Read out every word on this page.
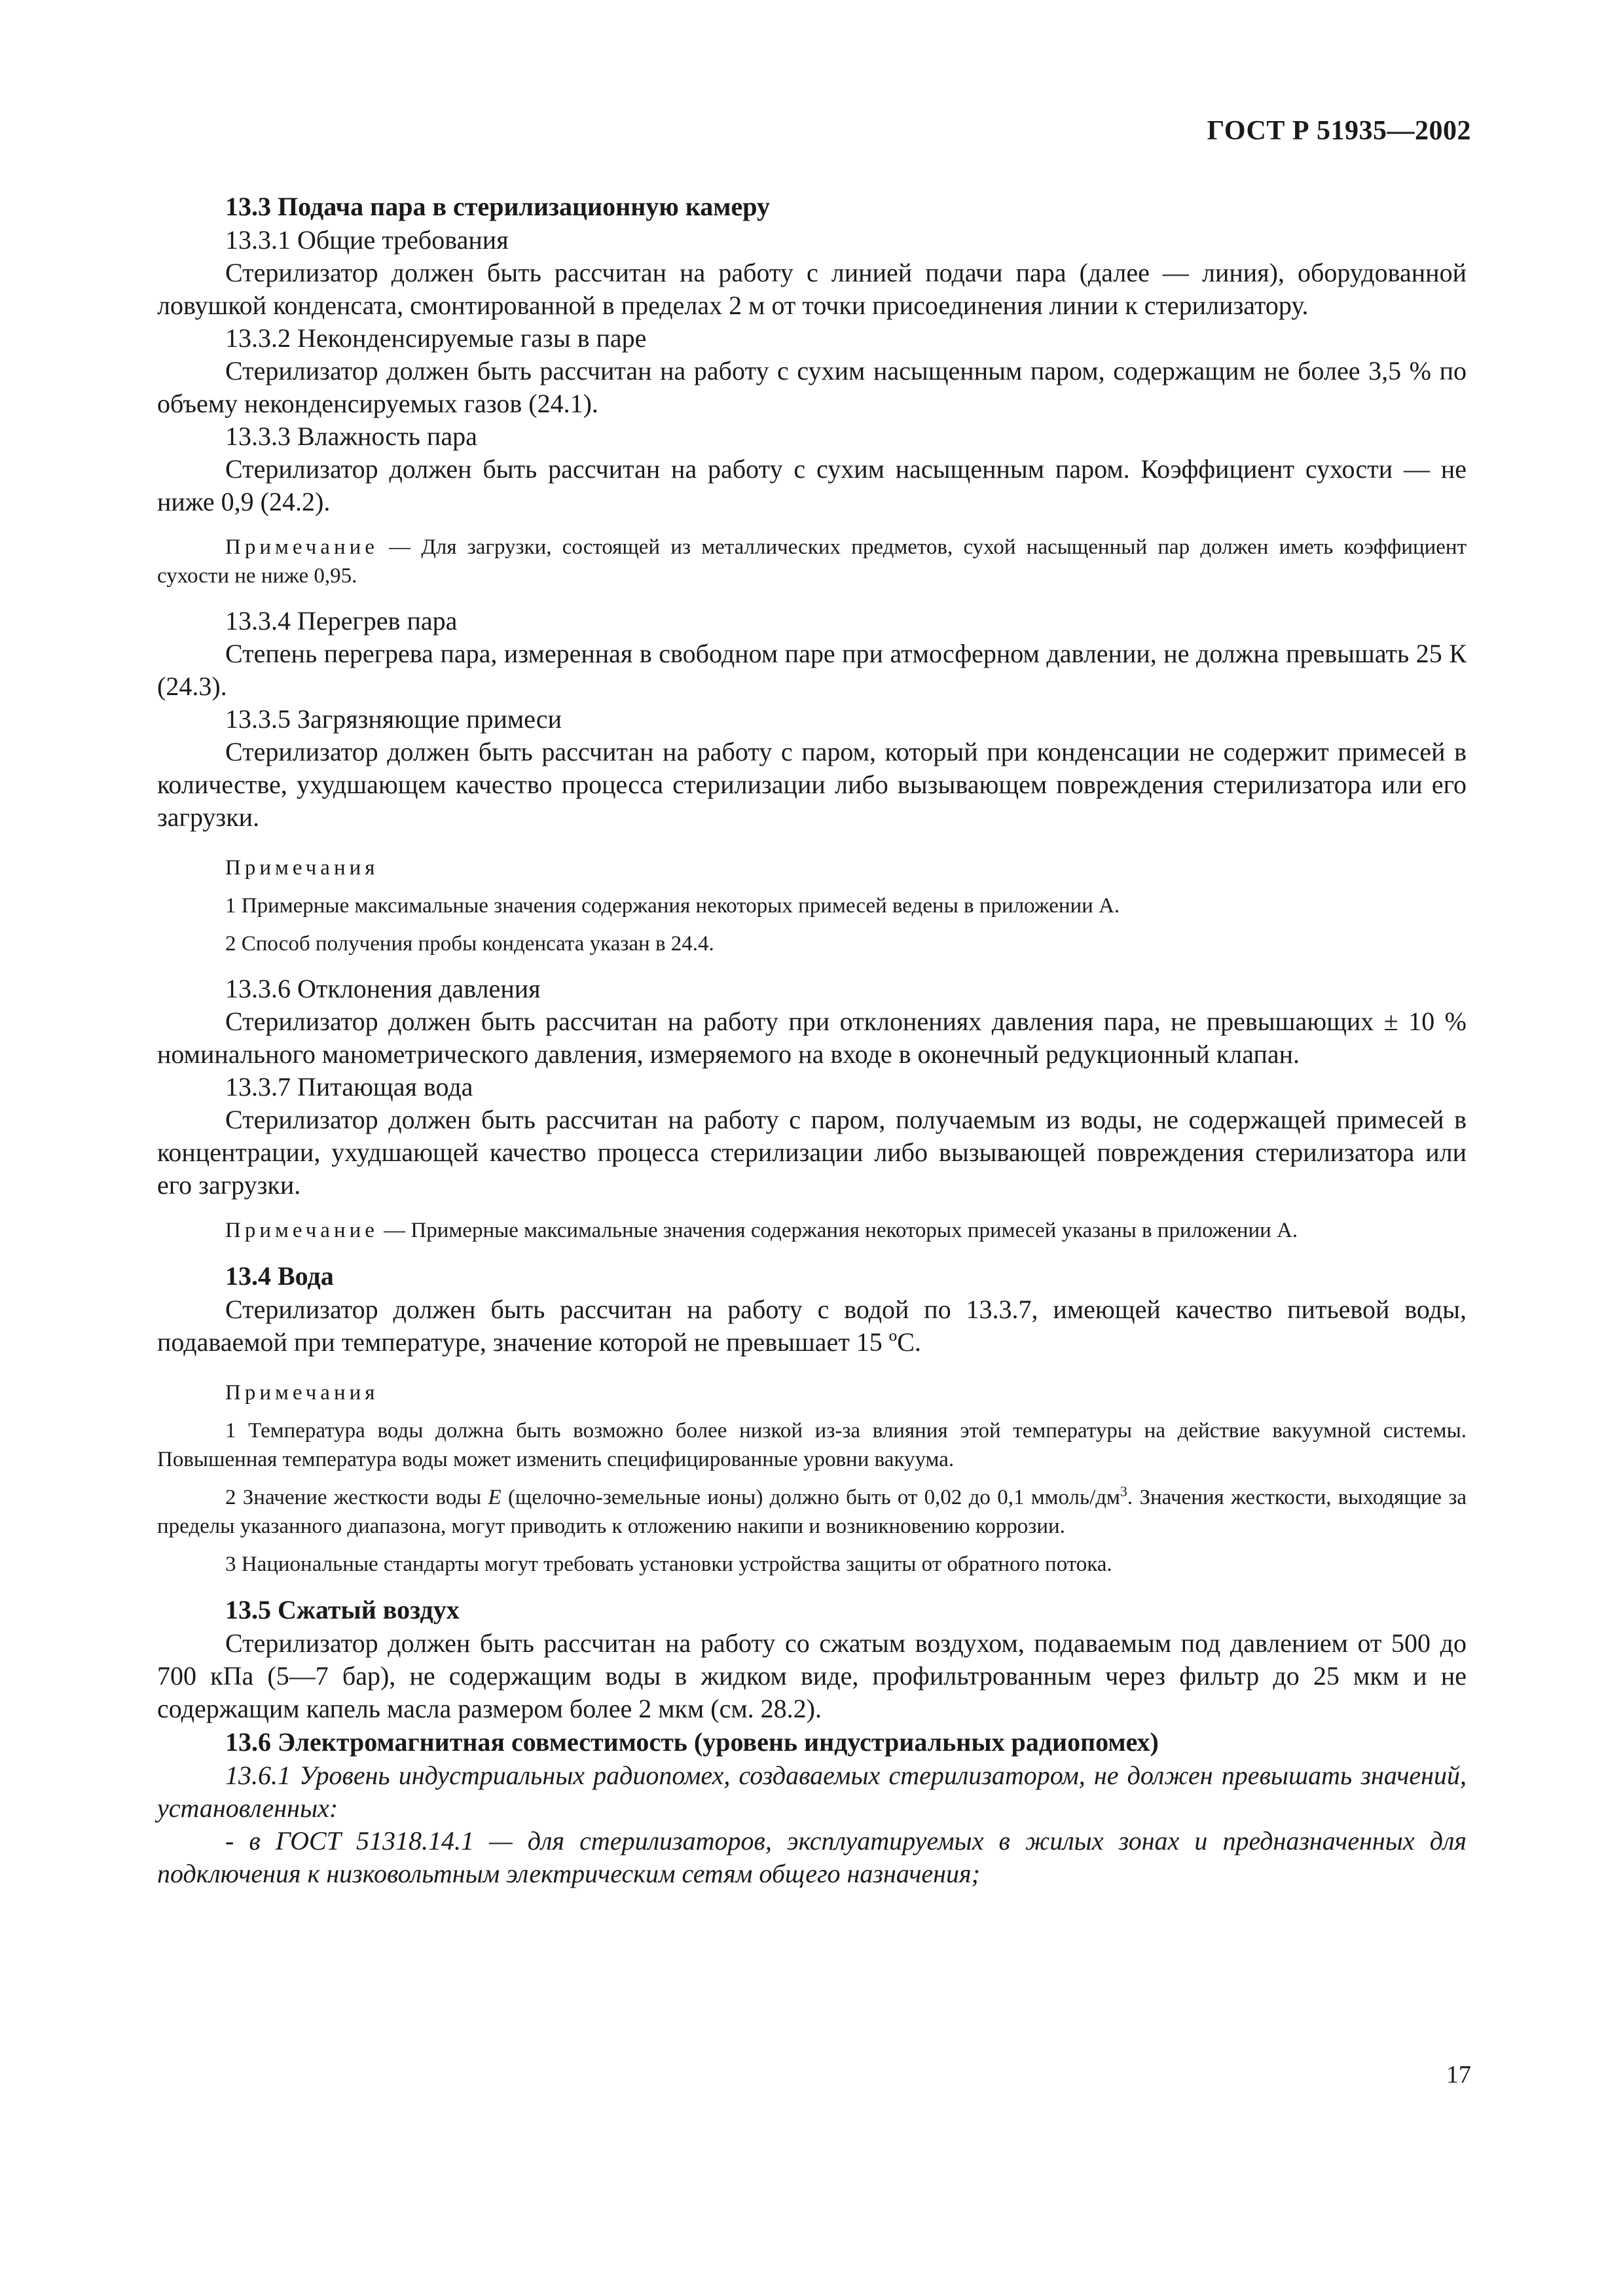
ГОСТ Р 51935—2002

13.3 Подача пара в стерилизационную камеру

13.3.1 Общие требования

Стерилизатор должен быть рассчитан на работу с линией подачи пара (далее — линия), оборудованной ловушкой конденсата, смонтированной в пределах 2 м от точки присоединения линии к стерилизатору.

13.3.2 Неконденсируемые газы в паре

Стерилизатор должен быть рассчитан на работу с сухим насыщенным паром, содержащим не более 3,5 % по объему неконденсируемых газов (24.1).

13.3.3 Влажность пара

Стерилизатор должен быть рассчитан на работу с сухим насыщенным паром. Коэффициент сухости — не ниже 0,9 (24.2).

Примечание — Для загрузки, состоящей из металлических предметов, сухой насыщенный пар должен иметь коэффициент сухости не ниже 0,95.

13.3.4 Перегрев пара

Степень перегрева пара, измеренная в свободном паре при атмосферном давлении, не должна превышать 25 К (24.3).

13.3.5 Загрязняющие примеси

Стерилизатор должен быть рассчитан на работу с паром, который при конденсации не содержит примесей в количестве, ухудшающем качество процесса стерилизации либо вызывающем повреждения стерилизатора или его загрузки.

Примечания

1 Примерные максимальные значения содержания некоторых примесей ведены в приложении А.

2 Способ получения пробы конденсата указан в 24.4.

13.3.6 Отклонения давления

Стерилизатор должен быть рассчитан на работу при отклонениях давления пара, не превышающих ± 10 % номинального манометрического давления, измеряемого на входе в оконечный редукционный клапан.

13.3.7 Питающая вода

Стерилизатор должен быть рассчитан на работу с паром, получаемым из воды, не содержащей примесей в концентрации, ухудшающей качество процесса стерилизации либо вызывающей повреждения стерилизатора или его загрузки.

Примечание — Примерные максимальные значения содержания некоторых примесей указаны в приложении А.

13.4 Вода

Стерилизатор должен быть рассчитан на работу с водой по 13.3.7, имеющей качество питьевой воды, подаваемой при температуре, значение которой не превышает 15 ºС.

Примечания

1 Температура воды должна быть возможно более низкой из-за влияния этой температуры на действие вакуумной системы. Повышенная температура воды может изменить специфицированные уровни вакуума.

2 Значение жесткости воды E (щелочно-земельные ионы) должно быть от 0,02 до 0,1 ммоль/$дм^3$. Значения жесткости, выходящие за пределы указанного диапазона, могут приводить к отложению накипи и возникновению коррозии.

3 Национальные стандарты могут требовать установки устройства защиты от обратного потока.

13.5 Сжатый воздух

Стерилизатор должен быть рассчитан на работу со сжатым воздухом, подаваемым под давлением от 500 до 700 кПа (5—7 бар), не содержащим воды в жидком виде, профильтрованным через фильтр до 25 мкм и не содержащим капель масла размером более 2 мкм (см. 28.2).

13.6 Электромагнитная совместимость (уровень индустриальных радиопомех)

13.6.1 Уровень индустриальных радиопомех, создаваемых стерилизатором, не должен превышать значений, установленных:

- в ГОСТ 51318.14.1 — для стерилизаторов, эксплуатируемых в жилых зонах и предназначенных для подключения к низковольтным электрическим сетям общего назначения;

17
